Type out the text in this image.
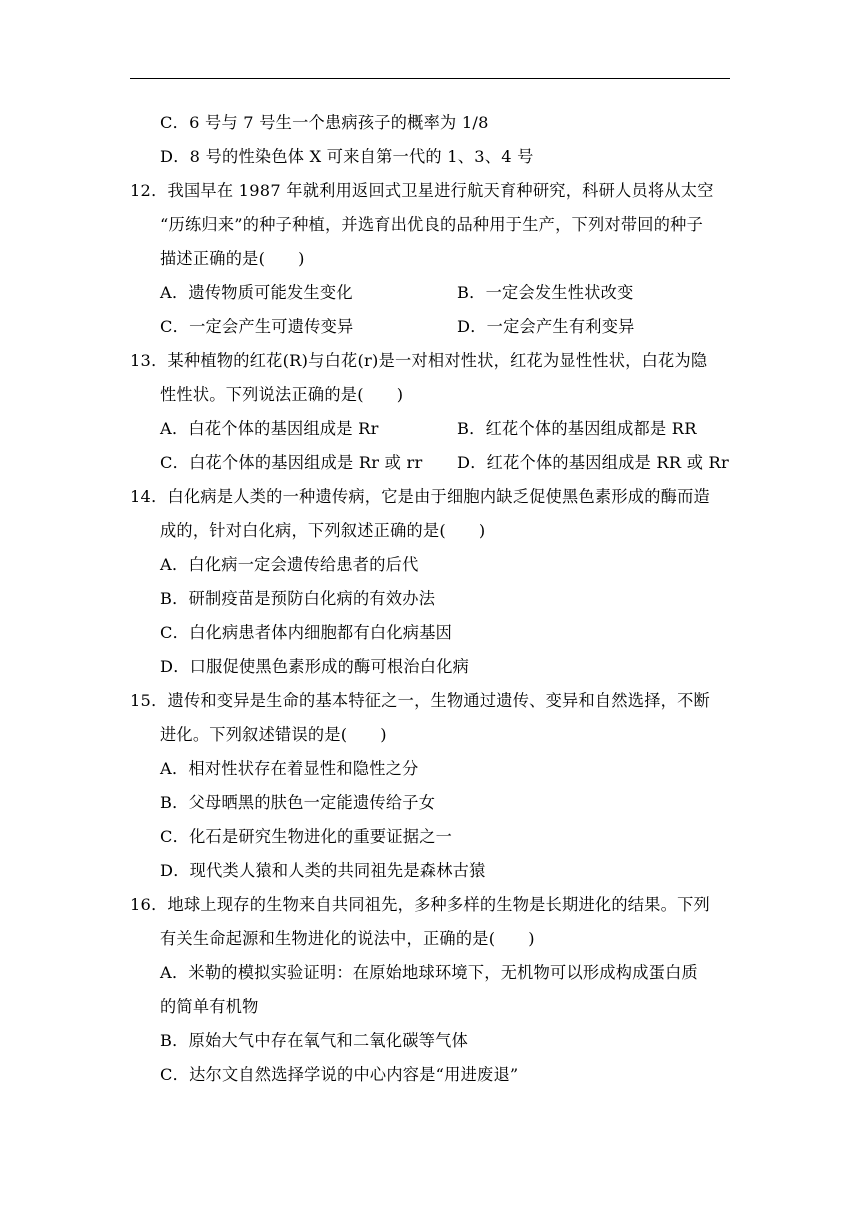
C．6 号与 7 号生一个患病孩子的概率为 1/8
D．8 号的性染色体 X 可来自第一代的 1、3、4 号
12．我国早在 1987 年就利用返回式卫星进行航天育种研究，科研人员将从太空
“历练归来”的种子种植，并选育出优良的品种用于生产，下列对带回的种子
描述正确的是(　　)
A．遗传物质可能发生变化	B．一定会发生性状改变
C．一定会产生可遗传变异	D．一定会产生有利变异
13．某种植物的红花(R)与白花(r)是一对相对性状，红花为显性性状，白花为隐
性性状。下列说法正确的是(　　)
A．白花个体的基因组成是 Rr	B．红花个体的基因组成都是 RR
C．白花个体的基因组成是 Rr 或 rr	D．红花个体的基因组成是 RR 或 Rr
14．白化病是人类的一种遗传病，它是由于细胞内缺乏促使黑色素形成的酶而造
成的，针对白化病，下列叙述正确的是(　　)
A．白化病一定会遗传给患者的后代
B．研制疫苗是预防白化病的有效办法
C．白化病患者体内细胞都有白化病基因
D．口服促使黑色素形成的酶可根治白化病
15．遗传和变异是生命的基本特征之一，生物通过遗传、变异和自然选择，不断
进化。下列叙述错误的是(　　)
A．相对性状存在着显性和隐性之分
B．父母晒黑的肤色一定能遗传给子女
C．化石是研究生物进化的重要证据之一
D．现代类人猿和人类的共同祖先是森林古猿
16．地球上现存的生物来自共同祖先，多种多样的生物是长期进化的结果。下列
有关生命起源和生物进化的说法中，正确的是(　　)
A．米勒的模拟实验证明：在原始地球环境下，无机物可以形成构成蛋白质
的简单有机物
B．原始大气中存在氧气和二氧化碳等气体
C．达尔文自然选择学说的中心内容是“用进废退”
